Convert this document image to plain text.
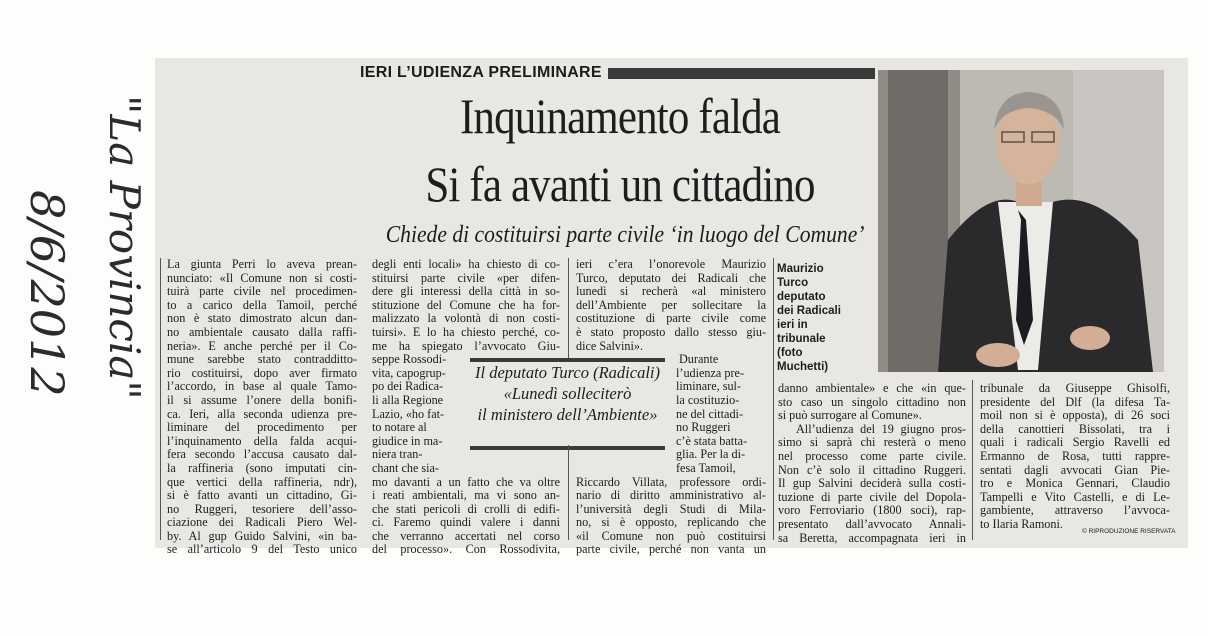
"La Provincia"
8/6/2012
IERI L’UDIENZA PRELIMINARE
Inquinamento falda
Si fa avanti un cittadino
Chiede di costituirsi parte civile ‘in luogo del Comune’
Maurizio
Turco
deputato
dei Radicali
ieri in
tribunale
(foto
Muchetti)
Il deputato Turco (Radicali)
«Lunedì solleciterò
il ministero dell’Ambiente»
La giunta Perri lo aveva prean-
nunciato: «Il Comune non si costi-
tuirà parte civile nel procedimen-
to a carico della Tamoil, perché
non è stato dimostrato alcun dan-
no ambientale causato dalla raffi-
neria». E anche perché per il Co-
mune sarebbe stato contradditto-
rio costituirsi, dopo aver firmato
l’accordo, in base al quale Tamo-
il si assume l’onere della bonifi-
ca. Ieri, alla seconda udienza pre-
liminare del procedimento per
l’inquinamento della falda acqui-
fera secondo l’accusa causato dal-
la raffineria (sono imputati cin-
que vertici della raffineria, ndr),
si è fatto avanti un cittadino, Gi-
no Ruggeri, tesoriere dell’asso-
ciazione dei Radicali Piero Wel-
by. Al gup Guido Salvini, «in ba-
se all’articolo 9 del Testo unico
degli enti locali» ha chiesto di co-
stituirsi parte civile «per difen-
dere gli interessi della città in so-
stituzione del Comune che ha for-
malizzato la volontà di non costi-
tuirsi». E lo ha chiesto perché, co-
me ha spiegato l’avvocato Giu-
seppe Rossodi-
vita, capogrup-
po dei Radica-
li alla Regione
Lazio, «ho fat-
to notare al
giudice in ma-
niera tran-
chant che sia-
mo davanti a un fatto che va oltre
i reati ambientali, ma vi sono an-
che stati pericoli di crolli di edifi-
ci. Faremo quindi valere i danni
che verranno accertati nel corso
del processo». Con Rossodivita,
ieri c’era l’onorevole Maurizio
Turco, deputato dei Radicali che
lunedì si recherà «al ministero
dell’Ambiente per sollecitare la
costituzione di parte civile come
è stato proposto dallo stesso giu-
dice Salvini».
Durante
l’udienza pre-
liminare, sul-
la costituzio-
ne del cittadi-
no Ruggeri
c’è stata batta-
glia. Per la di-
fesa Tamoil,
Riccardo Villata, professore ordi-
nario di diritto amministrativo al-
l’università degli Studi di Mila-
no, si è opposto, replicando che
«il Comune non può costituirsi
parte civile, perché non vanta un
danno ambientale» e che «in que-
sto caso un singolo cittadino non
si può surrogare al Comune».
All’udienza del 19 giugno pros-
simo si saprà chi resterà o meno
nel processo come parte civile.
Non c’è solo il cittadino Ruggeri.
Il gup Salvini deciderà sulla costi-
tuzione di parte civile del Dopola-
voro Ferroviario (1800 soci), rap-
presentato dall’avvocato Annali-
sa Beretta, accompagnata ieri in
tribunale da Giuseppe Ghisolfi,
presidente del Dlf (la difesa Ta-
moil non si è opposta), di 26 soci
della canottieri Bissolati, tra i
quali i radicali Sergio Ravelli ed
Ermanno de Rosa, tutti rappre-
sentati dagli avvocati Gian Pie-
tro e Monica Gennari, Claudio
Tampelli e Vito Castelli, e di Le-
gambiente, attraverso l’avvoca-
to Ilaria Ramoni.
© RIPRODUZIONE RISERVATA
